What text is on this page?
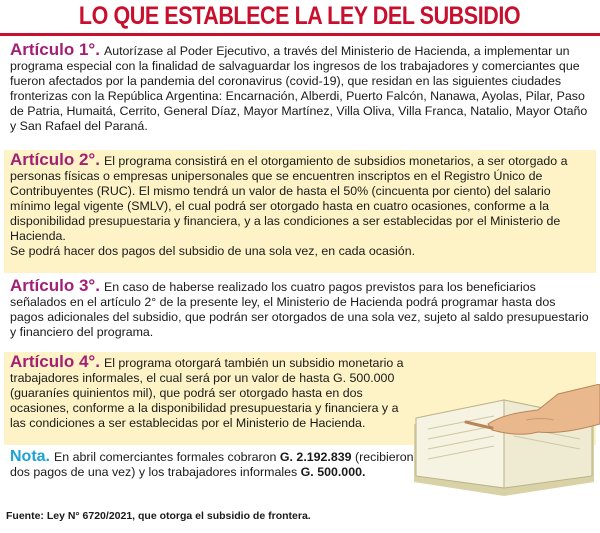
LO QUE ESTABLECE LA LEY DEL SUBSIDIO

Artículo 1°. Autorízase al Poder Ejecutivo, a través del Ministerio de Hacienda, a implementar un programa especial con la finalidad de salvaguardar los ingresos de los trabajadores y comerciantes que fueron afectados por la pandemia del coronavirus (covid-19), que residan en las siguientes ciudades fronterizas con la República Argentina: Encarnación, Alberdi, Puerto Falcón, Nanawa, Ayolas, Pilar, Paso de Patria, Humaitá, Cerrito, General Díaz, Mayor Martínez, Villa Oliva, Villa Franca, Natalio, Mayor Otaño y San Rafael del Paraná.

Artículo 2°. El programa consistirá en el otorgamiento de subsidios monetarios, a ser otorgado a personas físicas o empresas unipersonales que se encuentren inscriptos en el Registro Único de Contribuyentes (RUC). El mismo tendrá un valor de hasta el 50% (cincuenta por ciento) del salario mínimo legal vigente (SMLV), el cual podrá ser otorgado hasta en cuatro ocasiones, conforme a la disponibilidad presupuestaria y financiera, y a las condiciones a ser establecidas por el Ministerio de Hacienda.

Se podrá hacer dos pagos del subsidio de una sola vez, en cada ocasión.

Artículo 3°. En caso de haberse realizado los cuatro pagos previstos para los beneficiarios señalados en el artículo 2° de la presente ley, el Ministerio de Hacienda podrá programar hasta dos pagos adicionales del subsidio, que podrán ser otorgados de una sola vez, sujeto al saldo presupuestario y financiero del programa.

Artículo 4°. El programa otorgará también un subsidio monetario a trabajadores informales, el cual será por un valor de hasta G. 500.000 (guaraníes quinientos mil), que podrá ser otorgado hasta en dos ocasiones, conforme a la disponibilidad presupuestaria y financiera y a las condiciones a ser establecidas por el Ministerio de Hacienda.

Nota. En abril comerciantes formales cobraron G. 2.192.839 (recibieron dos pagos de una vez) y los trabajadores informales G. 500.000.

Fuente: Ley N° 6720/2021, que otorga el subsidio de frontera.
